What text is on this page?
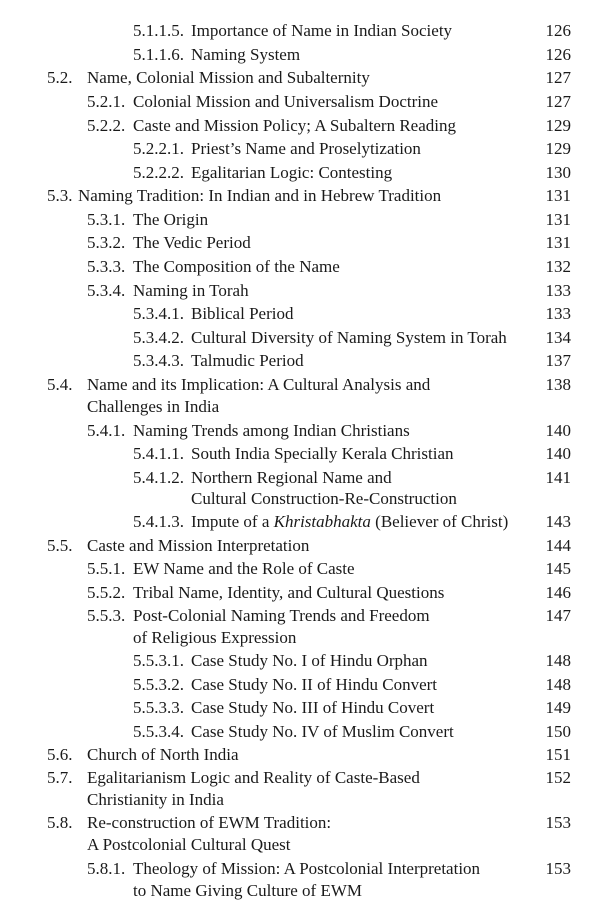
5.1.1.5. Importance of Name in Indian Society	126
5.1.1.6. Naming System	126
5.2. Name, Colonial Mission and Subalternity	127
5.2.1. Colonial Mission and Universalism Doctrine	127
5.2.2. Caste and Mission Policy; A Subaltern Reading	129
5.2.2.1. Priest’s Name and Proselytization	129
5.2.2.2. Egalitarian Logic: Contesting	130
5.3. Naming Tradition: In Indian and in Hebrew Tradition	131
5.3.1. The Origin	131
5.3.2. The Vedic Period	131
5.3.3. The Composition of the Name	132
5.3.4. Naming in Torah	133
5.3.4.1. Biblical Period	133
5.3.4.2. Cultural Diversity of Naming System in Torah 134
5.3.4.3. Talmudic Period	137
5.4. Name and its Implication: A Cultural Analysis and	138
Challenges in India
5.4.1. Naming Trends among Indian Christians	140
5.4.1.1. South India Specially Kerala Christian	140
5.4.1.2. Northern Regional Name and	141
Cultural Construction-Re-Construction
5.4.1.3. Impute of a Khristabhakta (Believer of Christ) 143
5.5. Caste and Mission Interpretation	144
5.5.1. EW Name and the Role of Caste	145
5.5.2. Tribal Name, Identity, and Cultural Questions	146
5.5.3. Post-Colonial Naming Trends and Freedom	147
of Religious Expression
5.5.3.1. Case Study No. I of Hindu Orphan	148
5.5.3.2. Case Study No. II of Hindu Convert	148
5.5.3.3. Case Study No. III of Hindu Covert	149
5.5.3.4. Case Study No. IV of Muslim Convert	150
5.6. Church of North India	151
5.7. Egalitarianism Logic and Reality of Caste-Based	152
Christianity in India
5.8. Re-construction of EWM Tradition:	153
A Postcolonial Cultural Quest
5.8.1. Theology of Mission: A Postcolonial Interpretation	153
to Name Giving Culture of EWM
